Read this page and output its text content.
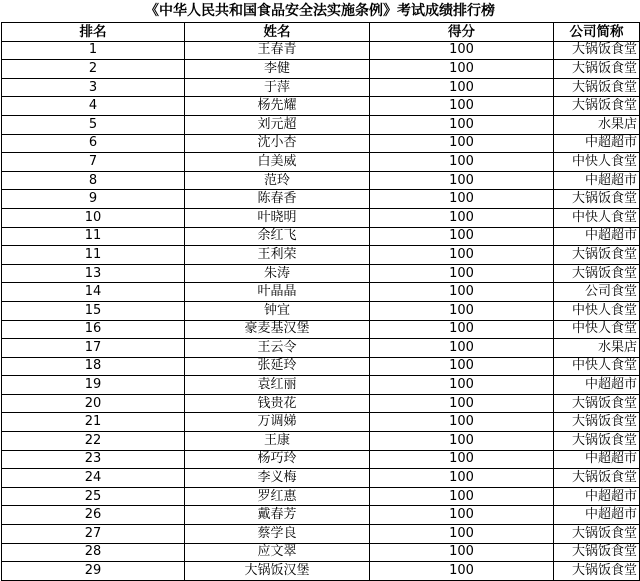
《中华人民共和国食品安全法实施条例》考试成绩排行榜
排名	姓名	得分	公司简称
1	王春青	100	大锅饭食堂
2	李健	100	大锅饭食堂
3	于萍	100	大锅饭食堂
4	杨先耀	100	大锅饭食堂
5	刘元超	100	水果店
6	沈小杏	100	中超超市
7	白美威	100	中快人食堂
8	范玲	100	中超超市
9	陈春香	100	大锅饭食堂
10	叶晓明	100	中快人食堂
11	余红飞	100	中超超市
11	王利荣	100	大锅饭食堂
13	朱涛	100	大锅饭食堂
14	叶晶晶	100	公司食堂
15	钟宜	100	中快人食堂
16	豪麦基汉堡	100	中快人食堂
17	王云令	100	水果店
18	张延玲	100	中快人食堂
19	袁红丽	100	中超超市
20	钱贵花	100	大锅饭食堂
21	万调娣	100	大锅饭食堂
22	王康	100	大锅饭食堂
23	杨巧玲	100	中超超市
24	李义梅	100	大锅饭食堂
25	罗红惠	100	中超超市
26	戴春芳	100	中超超市
27	蔡学良	100	大锅饭食堂
28	应文翠	100	大锅饭食堂
29	大锅饭汉堡	100	大锅饭食堂
